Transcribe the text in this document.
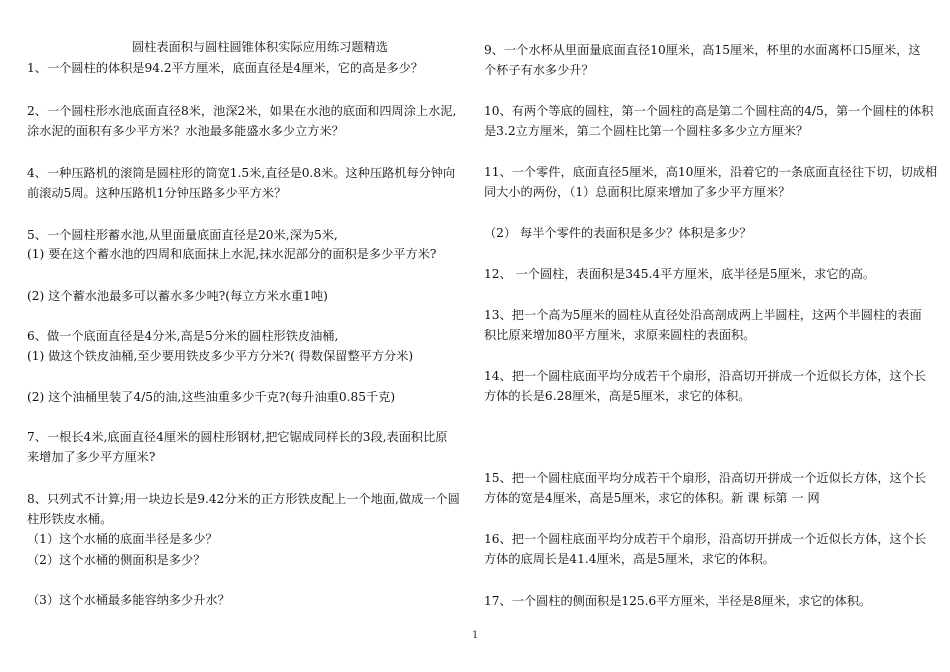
圆柱表面积与圆柱圆锥体积实际应用练习题精选
1、一个圆柱的体积是94.2平方厘米，底面直径是4厘米，它的高是多少？
2、一个圆柱形水池底面直径8米，池深2米，如果在水池的底面和四周涂上水泥,
涂水泥的面积有多少平方米？水池最多能盛水多少立方米？
4、一种压路机的滚筒是圆柱形的筒宽1.5米,直径是0.8米。这种压路机每分钟向
前滚动5周。这种压路机1分钟压路多少平方米？
5、一个圆柱形蓄水池,从里面量底面直径是20米,深为5米,
(1) 要在这个蓄水池的四周和底面抹上水泥,抹水泥部分的面积是多少平方米?
(2) 这个蓄水池最多可以蓄水多少吨?(每立方米水重1吨)
6、做一个底面直径是4分米,高是5分米的圆柱形铁皮油桶,
(1) 做这个铁皮油桶,至少要用铁皮多少平方分米?( 得数保留整平方分米)
(2) 这个油桶里装了4/5的油,这些油重多少千克?(每升油重0.85千克)
7、一根长4米,底面直径4厘米的圆柱形钢材,把它锯成同样长的3段,表面积比原
来增加了多少平方厘米?
8、只列式不计算;用一块边长是9.42分米的正方形铁皮配上一个地面,做成一个圆
柱形铁皮水桶。
（1）这个水桶的底面半径是多少？
（2）这个水桶的侧面积是多少？
（3）这个水桶最多能容纳多少升水？
9、一个水杯从里面量底面直径10厘米，高15厘米，杯里的水面离杯口5厘米，这
个杯子有水多少升？
10、有两个等底的圆柱，第一个圆柱的高是第二个圆柱高的4/5，第一个圆柱的体积
是3.2立方厘米，第二个圆柱比第一个圆柱多多少立方厘米？
11、一个零件，底面直径5厘米，高10厘米，沿着它的一条底面直径往下切，切成相
同大小的两份，（1）总面积比原来增加了多少平方厘米？
（2） 每半个零件的表面积是多少？体积是多少？
12、 一个圆柱，表面积是345.4平方厘米，底半径是5厘米，求它的高。
13、把一个高为5厘米的圆柱从直径处沿高剖成两上半圆柱，这两个半圆柱的表面
积比原来增加80平方厘米，求原来圆柱的表面积。
14、把一个圆柱底面平均分成若干个扇形，沿高切开拼成一个近似长方体，这个长
方体的长是6.28厘米，高是5厘米，求它的体积。
15、把一个圆柱底面平均分成若干个扇形，沿高切开拼成一个近似长方体，这个长
方体的宽是4厘米，高是5厘米，求它的体积。新 课 标第 一 网
16、把一个圆柱底面平均分成若干个扇形，沿高切开拼成一个近似长方体，这个长
方体的底周长是41.4厘米，高是5厘米，求它的体积。
17、一个圆柱的侧面积是125.6平方厘米，半径是8厘米，求它的体积。
1
